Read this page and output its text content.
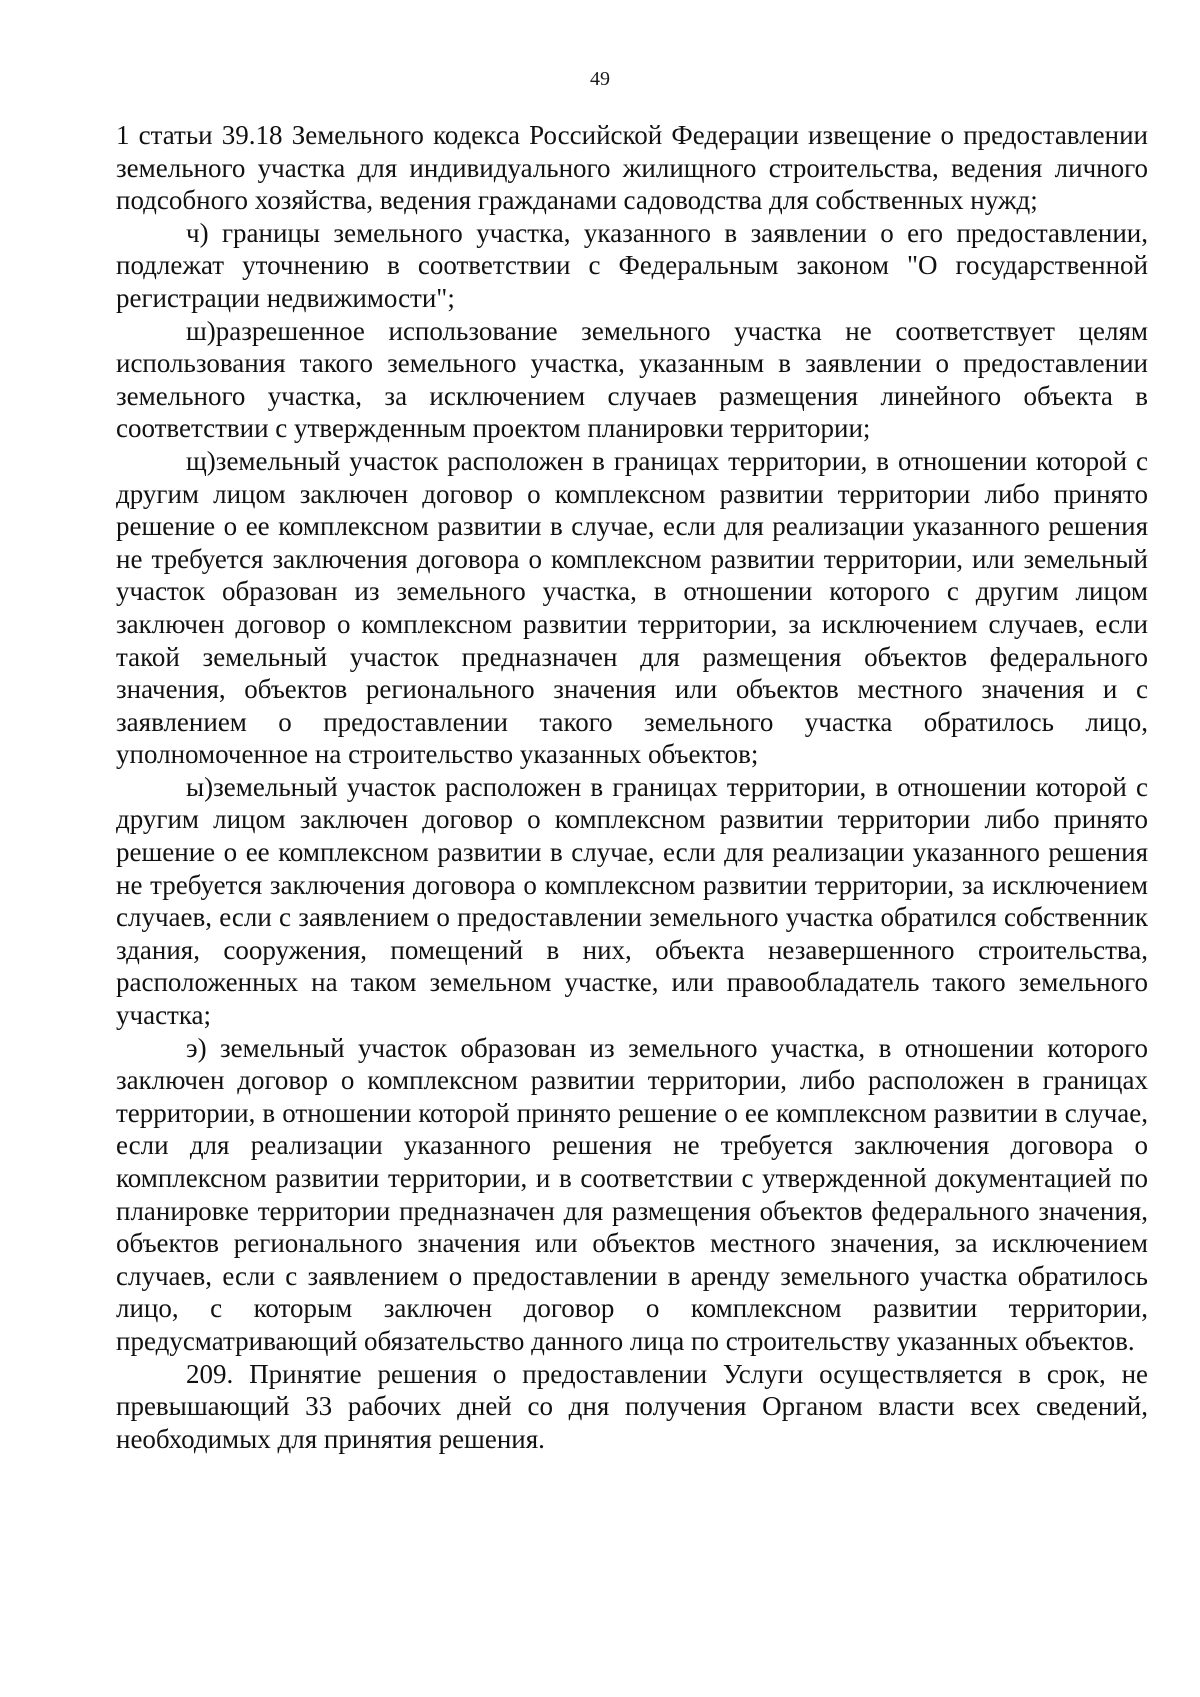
49

1 статьи 39.18 Земельного кодекса Российской Федерации извещение о предоставлении земельного участка для индивидуального жилищного строительства, ведения личного подсобного хозяйства, ведения гражданами садоводства для собственных нужд;

ч) границы земельного участка, указанного в заявлении о его предоставлении, подлежат уточнению в соответствии с Федеральным законом "О государственной регистрации недвижимости";

ш)разрешенное использование земельного участка не соответствует целям использования такого земельного участка, указанным в заявлении о предоставлении земельного участка, за исключением случаев размещения линейного объекта в соответствии с утвержденным проектом планировки территории;

щ)земельный участок расположен в границах территории, в отношении которой с другим лицом заключен договор о комплексном развитии территории либо принято решение о ее комплексном развитии в случае, если для реализации указанного решения не требуется заключения договора о комплексном развитии территории, или земельный участок образован из земельного участка, в отношении которого с другим лицом заключен договор о комплексном развитии территории, за исключением случаев, если такой земельный участок предназначен для размещения объектов федерального значения, объектов регионального значения или объектов местного значения и с заявлением о предоставлении такого земельного участка обратилось лицо, уполномоченное на строительство указанных объектов;

ы)земельный участок расположен в границах территории, в отношении которой с другим лицом заключен договор о комплексном развитии территории либо принято решение о ее комплексном развитии в случае, если для реализации указанного решения не требуется заключения договора о комплексном развитии территории, за исключением случаев, если с заявлением о предоставлении земельного участка обратился собственник здания, сооружения, помещений в них, объекта незавершенного строительства, расположенных на таком земельном участке, или правообладатель такого земельного участка;

э) земельный участок образован из земельного участка, в отношении которого заключен договор о комплексном развитии территории, либо расположен в границах территории, в отношении которой принято решение о ее комплексном развитии в случае, если для реализации указанного решения не требуется заключения договора о комплексном развитии территории, и в соответствии с утвержденной документацией по планировке территории предназначен для размещения объектов федерального значения, объектов регионального значения или объектов местного значения, за исключением случаев, если с заявлением о предоставлении в аренду земельного участка обратилось лицо, с которым заключен договор о комплексном развитии территории, предусматривающий обязательство данного лица по строительству указанных объектов.

209. Принятие решения о предоставлении Услуги осуществляется в срок, не превышающий 33 рабочих дней со дня получения Органом власти всех сведений, необходимых для принятия решения.
